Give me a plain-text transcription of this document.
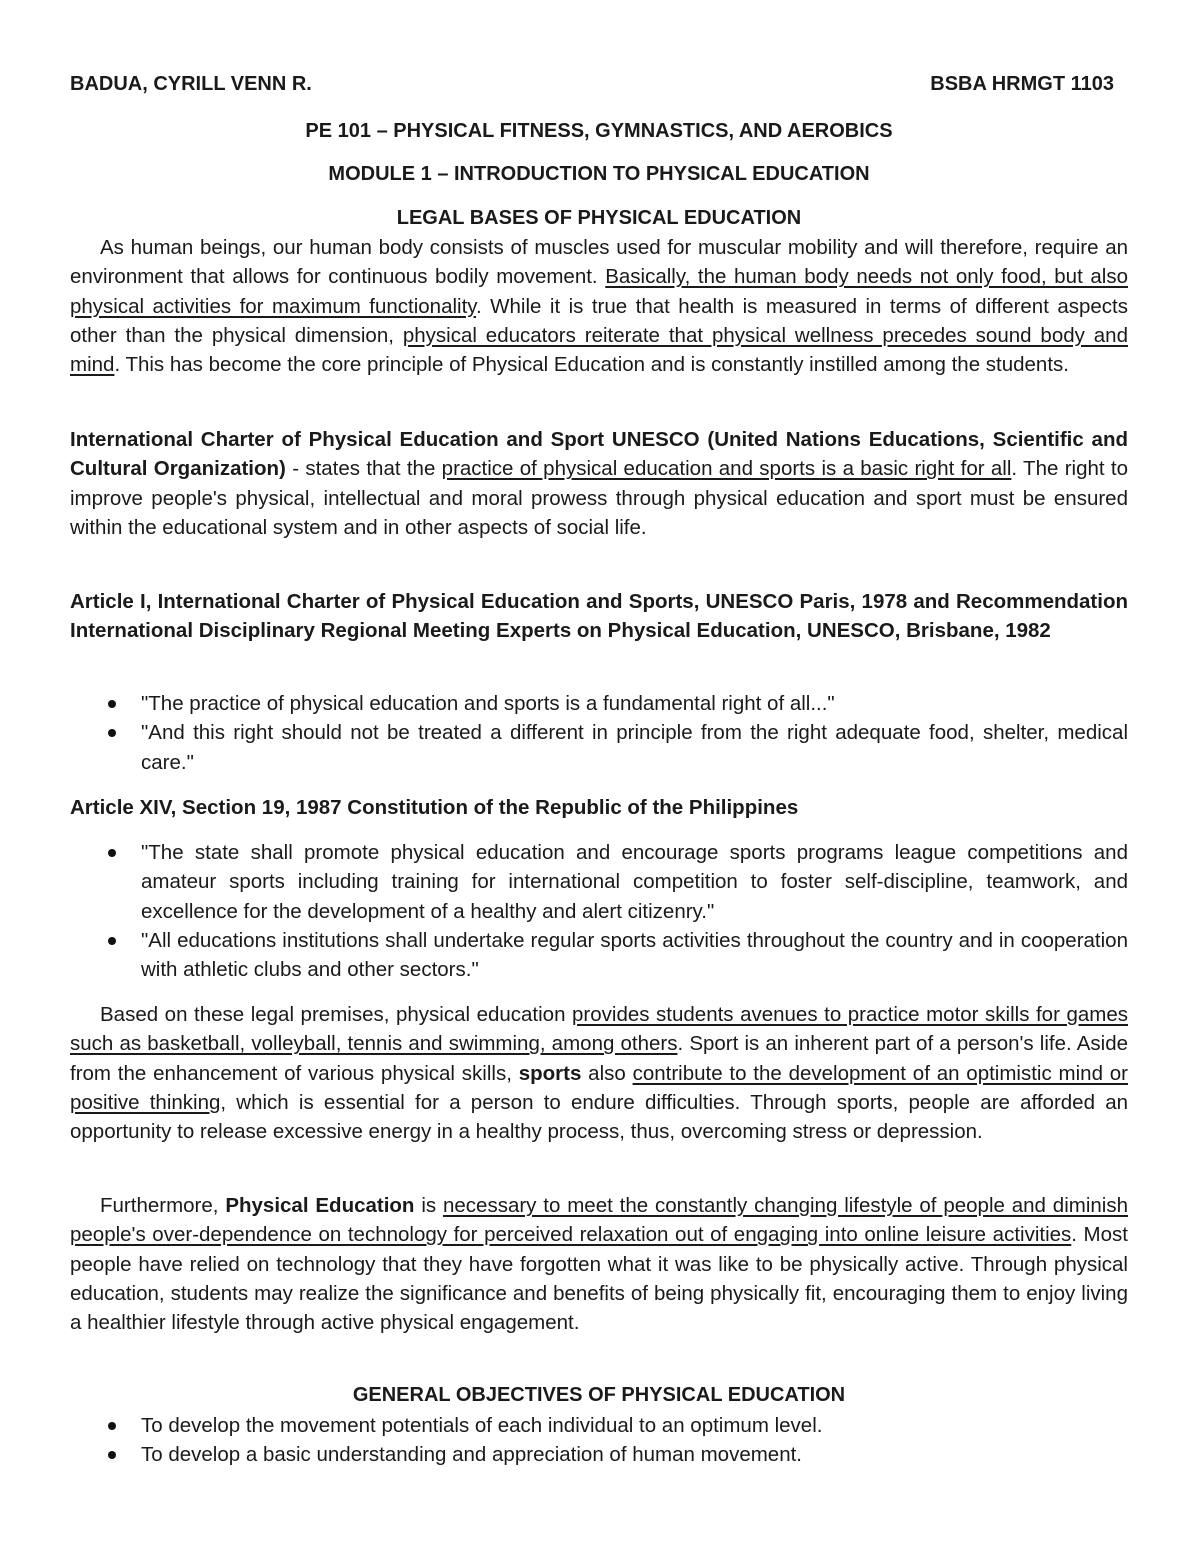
BADUA, CYRILL VENN R.	BSBA HRMGT 1103
PE 101 – PHYSICAL FITNESS, GYMNASTICS, AND AEROBICS
MODULE 1 – INTRODUCTION TO PHYSICAL EDUCATION
LEGAL BASES OF PHYSICAL EDUCATION

As human beings, our human body consists of muscles used for muscular mobility and will therefore, require an environment that allows for continuous bodily movement. Basically, the human body needs not only food, but also physical activities for maximum functionality. While it is true that health is measured in terms of different aspects other than the physical dimension, physical educators reiterate that physical wellness precedes sound body and mind. This has become the core principle of Physical Education and is constantly instilled among the students.

International Charter of Physical Education and Sport UNESCO (United Nations Educations, Scientific and Cultural Organization) - states that the practice of physical education and sports is a basic right for all. The right to improve people's physical, intellectual and moral prowess through physical education and sport must be ensured within the educational system and in other aspects of social life.

Article I, International Charter of Physical Education and Sports, UNESCO Paris, 1978 and Recommendation International Disciplinary Regional Meeting Experts on Physical Education, UNESCO, Brisbane, 1982

"The practice of physical education and sports is a fundamental right of all..."
"And this right should not be treated a different in principle from the right adequate food, shelter, medical care."

Article XIV, Section 19, 1987 Constitution of the Republic of the Philippines

"The state shall promote physical education and encourage sports programs league competitions and amateur sports including training for international competition to foster self-discipline, teamwork, and excellence for the development of a healthy and alert citizenry."
"All educations institutions shall undertake regular sports activities throughout the country and in cooperation with athletic clubs and other sectors."

Based on these legal premises, physical education provides students avenues to practice motor skills for games such as basketball, volleyball, tennis and swimming, among others. Sport is an inherent part of a person's life. Aside from the enhancement of various physical skills, sports also contribute to the development of an optimistic mind or positive thinking, which is essential for a person to endure difficulties. Through sports, people are afforded an opportunity to release excessive energy in a healthy process, thus, overcoming stress or depression.

Furthermore, Physical Education is necessary to meet the constantly changing lifestyle of people and diminish people's over-dependence on technology for perceived relaxation out of engaging into online leisure activities. Most people have relied on technology that they have forgotten what it was like to be physically active. Through physical education, students may realize the significance and benefits of being physically fit, encouraging them to enjoy living a healthier lifestyle through active physical engagement.

GENERAL OBJECTIVES OF PHYSICAL EDUCATION
To develop the movement potentials of each individual to an optimum level.
To develop a basic understanding and appreciation of human movement.
